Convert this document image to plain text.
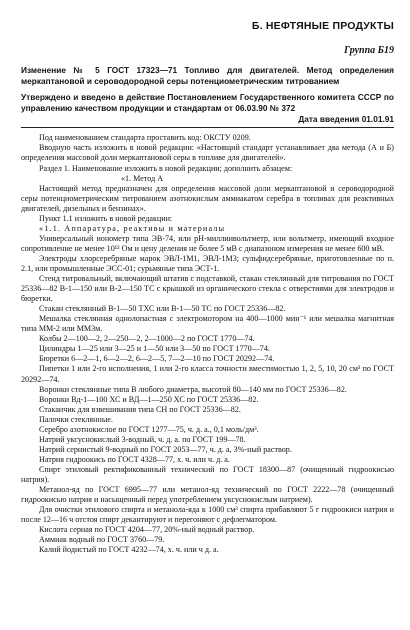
Б. НЕФТЯНЫЕ ПРОДУКТЫ
Группа Б19
Изменение № 5 ГОСТ 17323—71 Топливо для двигателей. Метод определения меркаптановой и сероводородной серы потенциометрическим титрованием
Утверждено и введено в действие Постановлением Государственного комитета СССР по управлению качеством продукции и стандартам от 06.03.90 № 372
Дата введения 01.01.91

Под наименованием стандарта проставить код: ОКСТУ 0209.

Вводную часть изложить в новой редакции: «Настоящий стандарт устанавливает два метода (А и Б) определения массовой доли меркаптановой серы в топливе для двигателей».

Раздел 1. Наименование изложить в новой редакции; дополнить абзацем:

«1. Метод А

Настоящий метод предназначен для определения массовой доли меркаптановой и сероводородной серы потенциометрическим титрованием азотнокислым аммиакатом серебра в топливах для реактивных двигателей, дизельных и бензинах».

Пункт 1.1 изложить в новой редакции:

«1.1. Аппаратура, реактивы и материалы

Универсальный ионометр типа ЭВ-74, или pH-миллиивольтметр, или вольтметр, имеющий входное сопротивление не менее 10¹² Ом и цену деления не более 5 мВ с диапазоном измерения не менее 600 мВ.

Электроды хлорсеребряные марок ЭВЛ-1М1, ЭВЛ-1М3; сульфидсеребряные, приготовленные по п. 2.1, или промышленные ЭСС-01; сурьмяные типа ЭСТ-1.

Стенд титровальный, включающий штатив с подставкой, стакан стеклянный для титрования по ГОСТ 25336—82 В-1—150 или В-2—150 ТС с крышкой из органического стекла с отверстиями для электродов и бюретки.

Стакан стеклянный В-1—50 ТХС или В-1—50 ТС по ГОСТ 25336—82.

Мешалка стеклянная однолопастная с электромотором на 400—1000 мин⁻¹ или мешалка магнитная типа ММ-2 или ММ3м.

Колбы 2—100—2, 2—250—2, 2—1000—2 по ГОСТ 1770—74.

Цилиндры 1—25 или 3—25 и 1—50 или 3—50 по ГОСТ 1770—74.

Бюретки 6—2—1, 6—2—2, 6—2—5, 7—2—10 по ГОСТ 20292—74.

Пипетки 1 или 2-го исполнения, 1 или 2-го класса точности вместимостью 1, 2, 5, 10, 20 см³ по ГОСТ 20292—74.

Воронки стеклянные типа В любого диаметра, высотой 80—140 мм по ГОСТ 25336—82.

Воронки Вд-1—100 ХС и ВД—1—250 ХС по ГОСТ 25336—82.

Стаканчик для взвешивания типа СН по ГОСТ 25336—82.

Палочки стеклянные.

Серебро азотнокислое по ГОСТ 1277—75, ч. д. а., 0,1 моль/дм³.

Натрий уксуснокислый 3-водный, ч. д. а. по ГОСТ 199—78.

Натрий сернистый 9-водный по ГОСТ 2053—77, ч. д. а, 3%-ный раствор.

Натрия гидроокись по ГОСТ 4328—77, х. ч. или ч. д. а.

Спирт этиловый ректификованный технический по ГОСТ 18300—87 (очищенный гидроокисью натрия).

Метанол-яд по ГОСТ 6995—77 или метанол-яд технический по ГОСТ 2222—78 (очищенный гидроокисью натрия и насыщенный перед употреблением уксуснокислым натрием).

Для очистки этилового спирта и метанола-яда к 1000 см³ спирта прибавляют 5 г гидроокиси натрия и после 12—16 ч отстоя спирт декантируют и перегоняют с дефлегматором.

Кислота серная по ГОСТ 4204—77, 20%-ный водный раствор.

Аммиак водный по ГОСТ 3760—79.

Калий йодистый по ГОСТ 4232—74, х. ч. или ч д. а.
